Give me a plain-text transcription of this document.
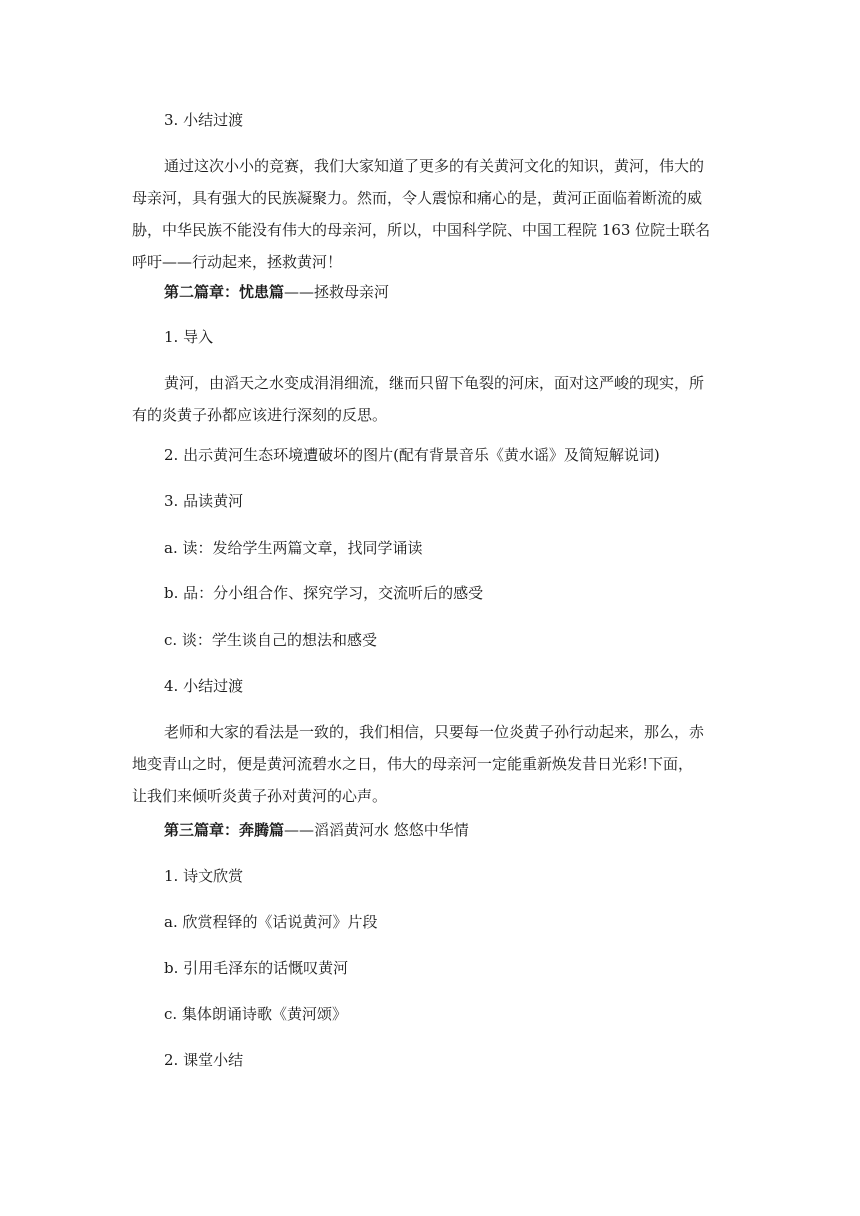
3. 小结过渡
通过这次小小的竞赛，我们大家知道了更多的有关黄河文化的知识，黄河，伟大的
母亲河，具有强大的民族凝聚力。然而，令人震惊和痛心的是，黄河正面临着断流的威
胁，中华民族不能没有伟大的母亲河，所以，中国科学院、中国工程院 163 位院士联名
呼吁——行动起来，拯救黄河！
第二篇章：忧患篇——拯救母亲河
1. 导入
黄河，由滔天之水变成涓涓细流，继而只留下龟裂的河床，面对这严峻的现实，所
有的炎黄子孙都应该进行深刻的反思。
2. 出示黄河生态环境遭破坏的图片(配有背景音乐《黄水谣》及简短解说词)
3. 品读黄河
a. 读：发给学生两篇文章，找同学诵读
b. 品：分小组合作、探究学习，交流听后的感受
c. 谈：学生谈自己的想法和感受
4. 小结过渡
老师和大家的看法是一致的，我们相信，只要每一位炎黄子孙行动起来，那么，赤
地变青山之时，便是黄河流碧水之日，伟大的母亲河一定能重新焕发昔日光彩!下面，
让我们来倾听炎黄子孙对黄河的心声。
第三篇章：奔腾篇——滔滔黄河水 悠悠中华情
1. 诗文欣赏
a. 欣赏程铎的《话说黄河》片段
b. 引用毛泽东的话慨叹黄河
c. 集体朗诵诗歌《黄河颂》
2. 课堂小结
